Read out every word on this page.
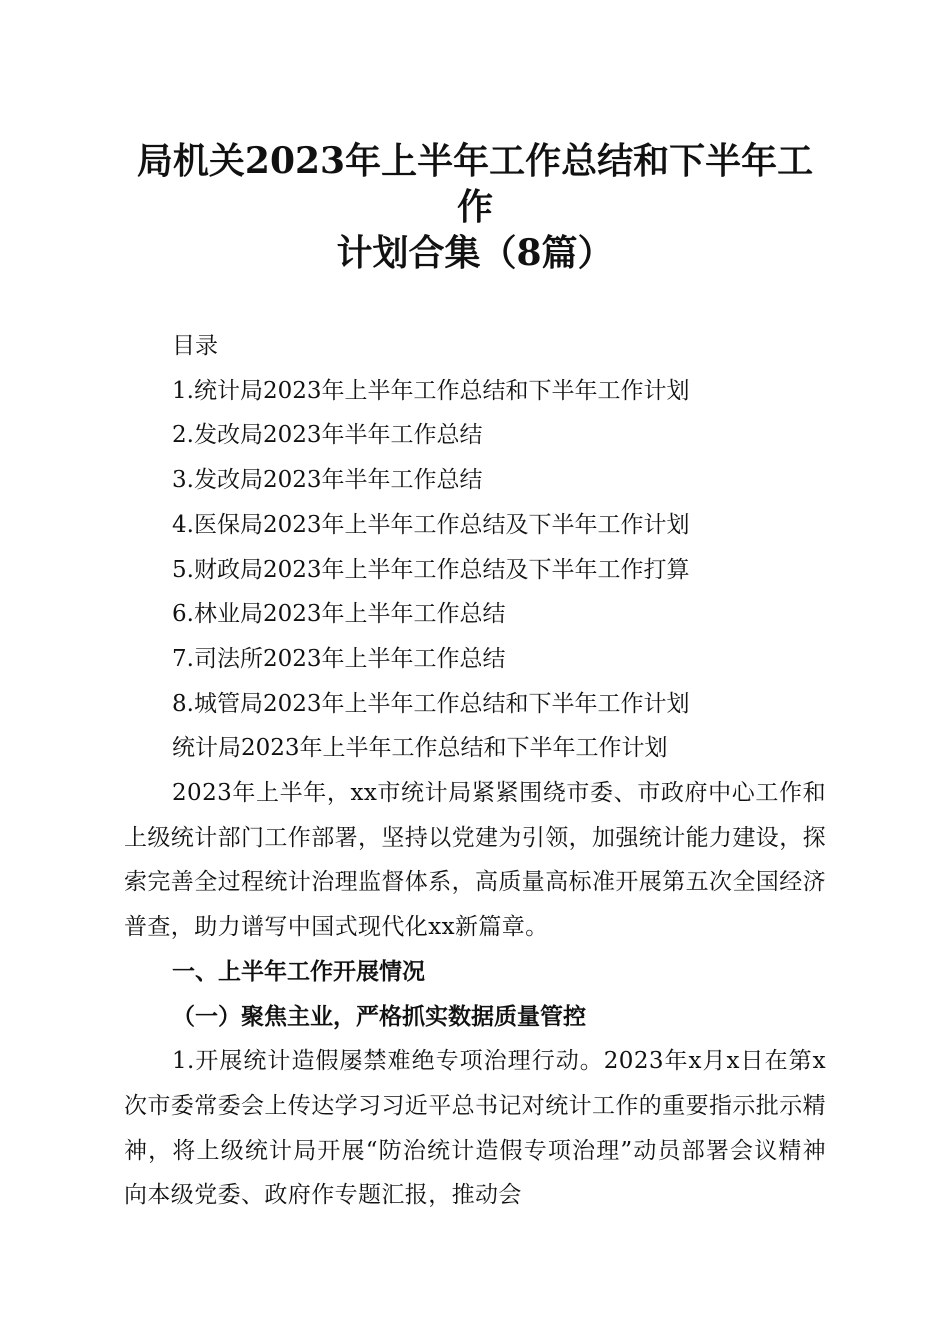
局机关2023年上半年工作总结和下半年工作
计划合集（8篇）
目录
1.统计局2023年上半年工作总结和下半年工作计划
2.发改局2023年半年工作总结
3.发改局2023年半年工作总结
4.医保局2023年上半年工作总结及下半年工作计划
5.财政局2023年上半年工作总结及下半年工作打算
6.林业局2023年上半年工作总结
7.司法所2023年上半年工作总结
8.城管局2023年上半年工作总结和下半年工作计划
统计局2023年上半年工作总结和下半年工作计划

2023年上半年，xx市统计局紧紧围绕市委、市政府中心工作和上级统计部门工作部署，坚持以党建为引领，加强统计能力建设，探索完善全过程统计治理监督体系，高质量高标准开展第五次全国经济普查，助力谱写中国式现代化xx新篇章。

一、上半年工作开展情况
（一）聚焦主业，严格抓实数据质量管控

1.开展统计造假屡禁难绝专项治理行动。2023年x月x日在第x次市委常委会上传达学习习近平总书记对统计工作的重要指示批示精神，将上级统计局开展“防治统计造假专项治理”动员部署会议精神向本级党委、政府作专题汇报，推动会
